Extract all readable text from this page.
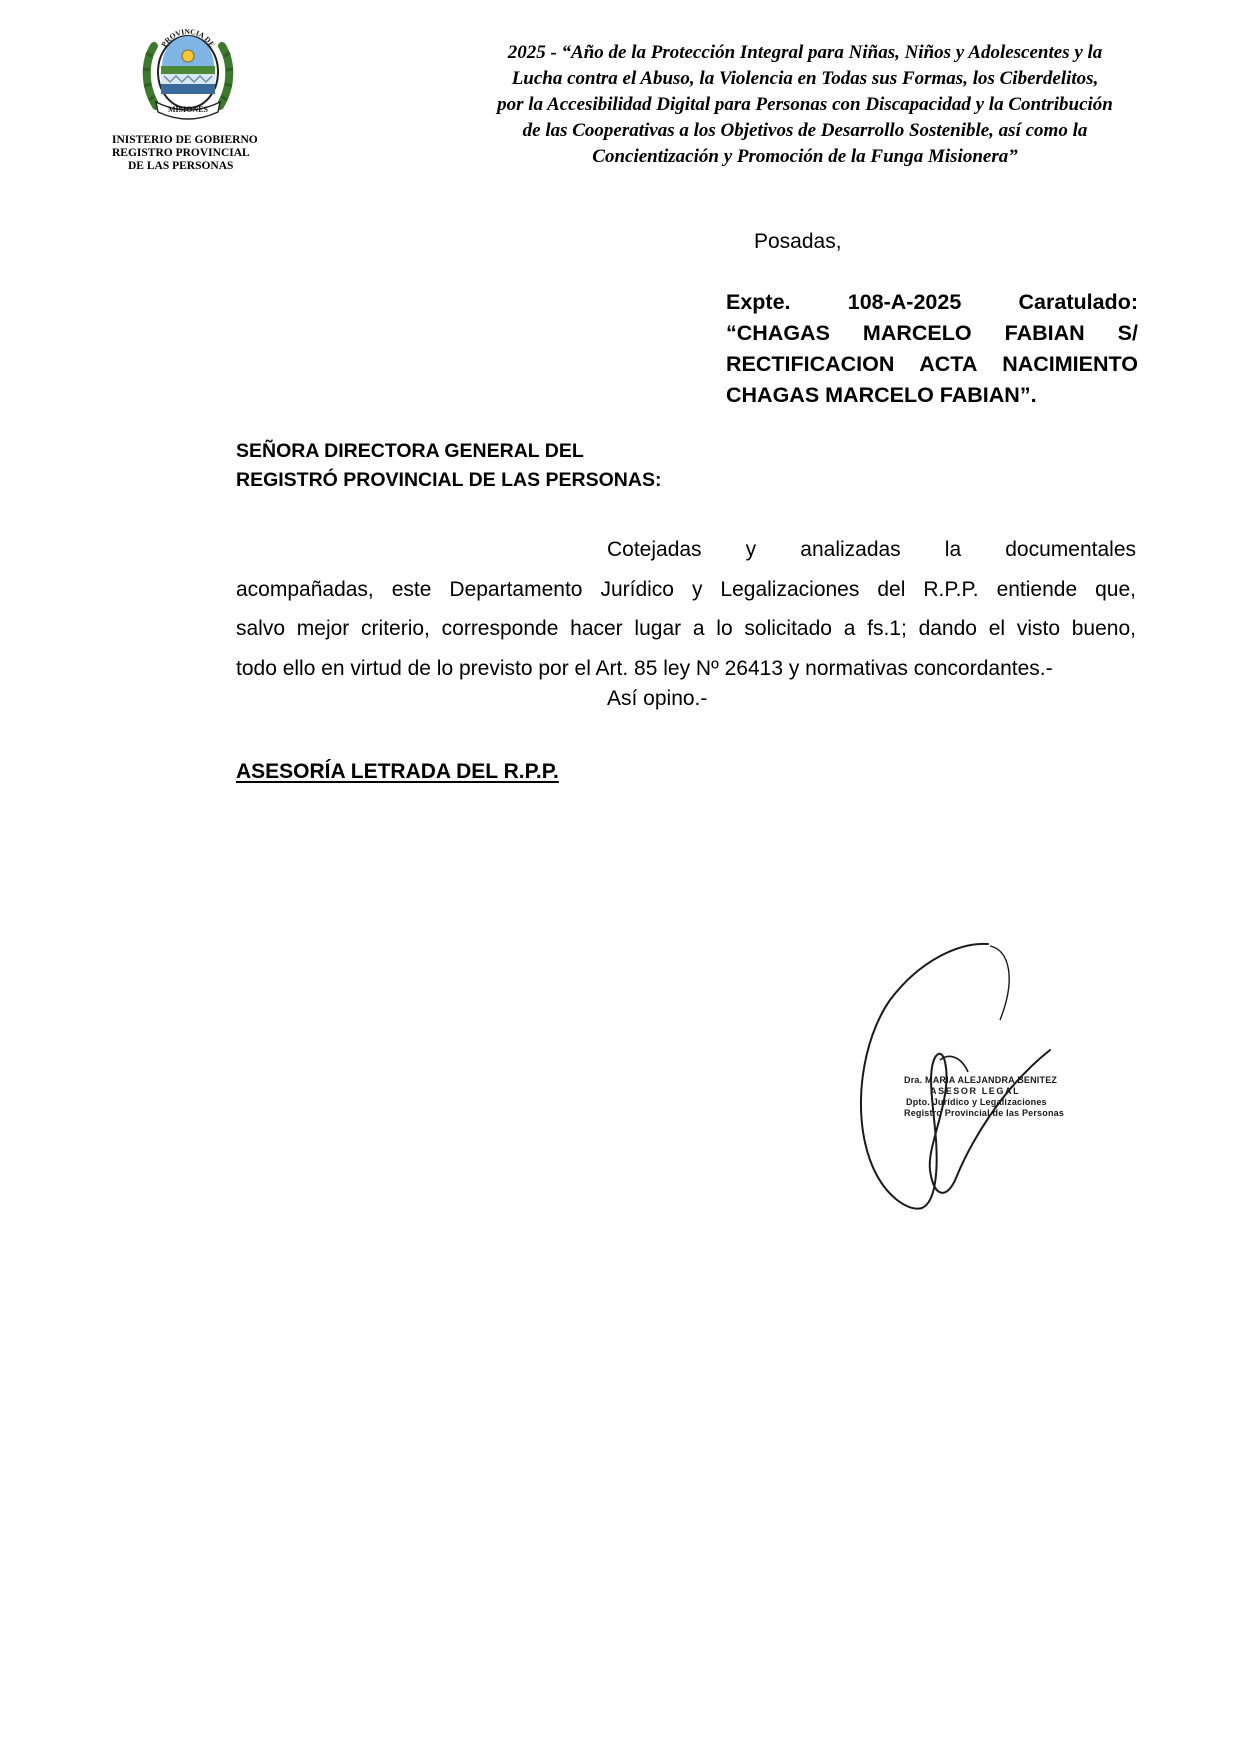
PROVINCIA DE
MISIONES
INISTERIO DE GOBIERNO
REGISTRO PROVINCIAL
DE LAS PERSONAS
2025 - “Año de la Protección Integral para Niñas, Niños y Adolescentes y la
Lucha contra el Abuso, la Violencia en Todas sus Formas, los Ciberdelitos,
por la Accesibilidad Digital para Personas con Discapacidad y la Contribución
de las Cooperativas a los Objetivos de Desarrollo Sostenible, así como la
Concientización y Promoción de la Funga Misionera”
Posadas,
Expte. 108-A-2025 Caratulado:
“CHAGAS MARCELO FABIAN S/
RECTIFICACION ACTA NACIMIENTO
CHAGAS MARCELO FABIAN”.
SEÑORA DIRECTORA GENERAL DEL
REGISTRÓ PROVINCIAL DE LAS PERSONAS:
Cotejadas y analizadas la documentales
acompañadas, este Departamento Jurídico y Legalizaciones del R.P.P. entiende que,
salvo mejor criterio, corresponde hacer lugar a lo solicitado a fs.1; dando el visto bueno,
todo ello en virtud de lo previsto por el Art. 85 ley Nº 26413 y normativas concordantes.-
Así opino.-
ASESORÍA LETRADA DEL R.P.P.
Dra. MARIA ALEJANDRA BENITEZ
ASESOR LEGAL
Dpto. Jurídico y Legalizaciones
Registro Provincial de las Personas
